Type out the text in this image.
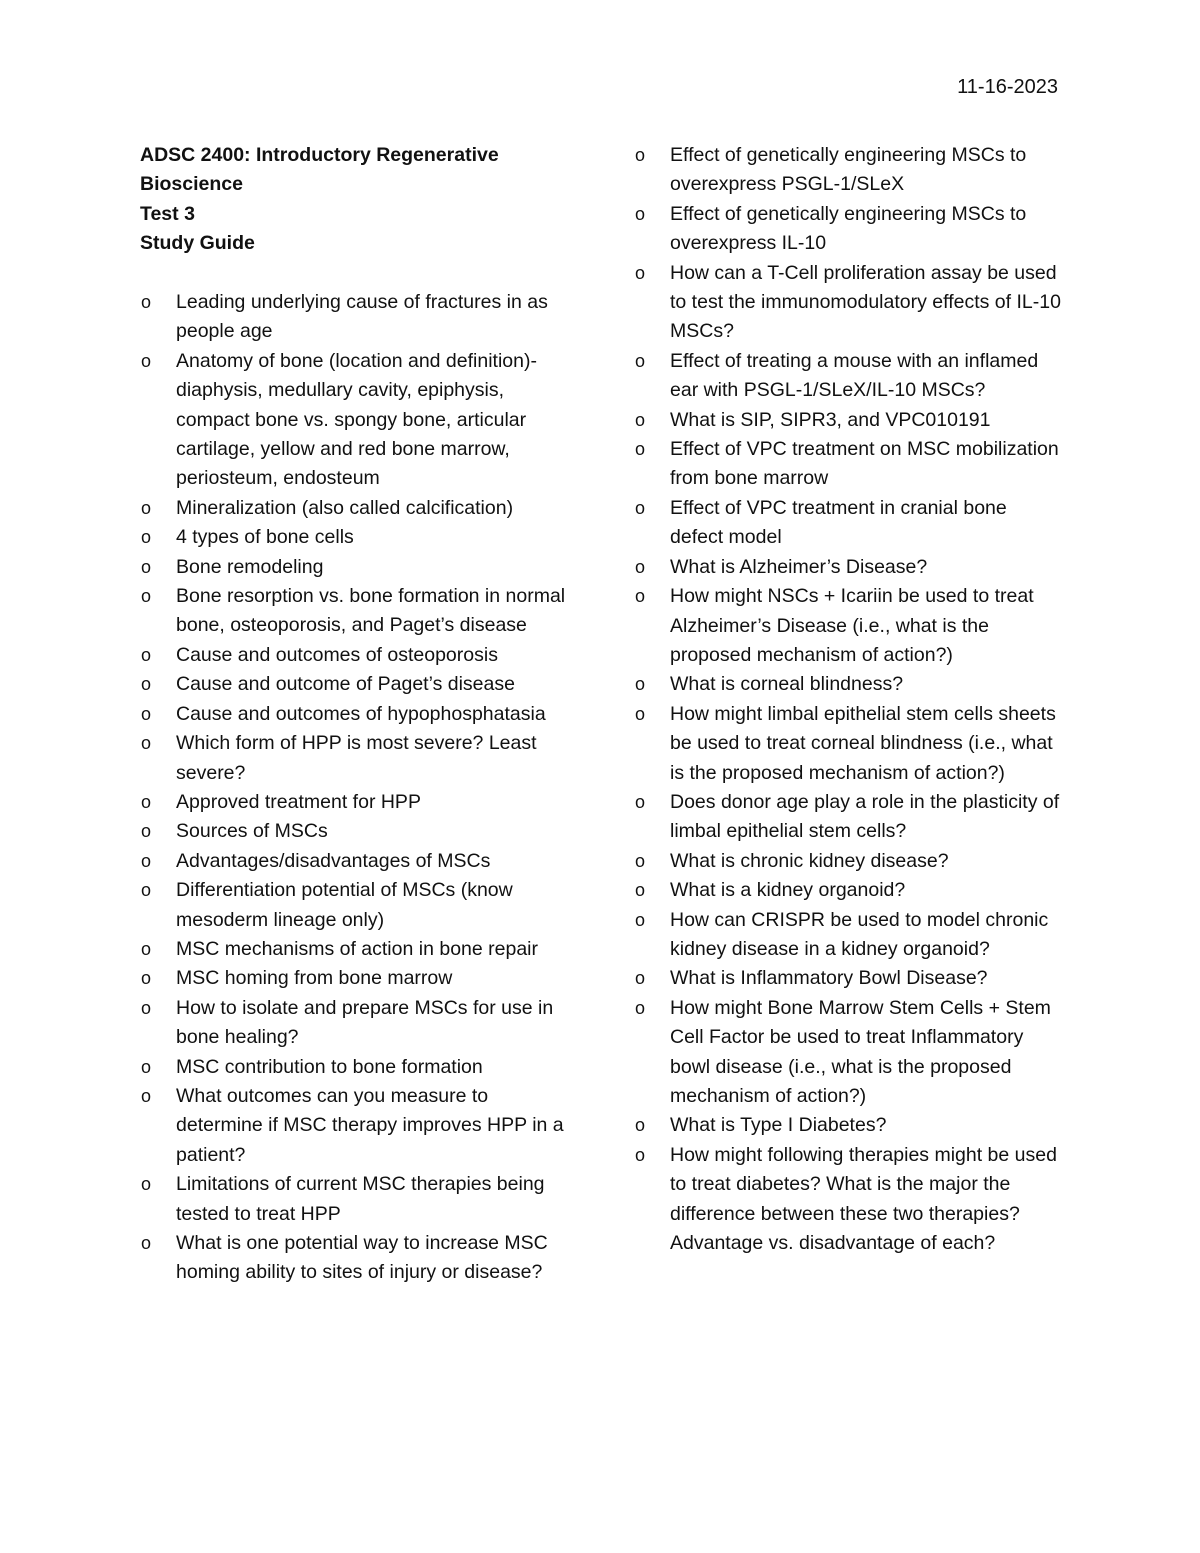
11-16-2023
ADSC 2400: Introductory Regenerative
Bioscience
Test 3
Study Guide
o Leading underlying cause of fractures in as people age
o Anatomy of bone (location and definition)- diaphysis, medullary cavity, epiphysis, compact bone vs. spongy bone, articular cartilage, yellow and red bone marrow, periosteum, endosteum
o Mineralization (also called calcification)
o 4 types of bone cells
o Bone remodeling
o Bone resorption vs. bone formation in normal bone, osteoporosis, and Paget’s disease
o Cause and outcomes of osteoporosis
o Cause and outcome of Paget’s disease
o Cause and outcomes of hypophosphatasia
o Which form of HPP is most severe? Least severe?
o Approved treatment for HPP
o Sources of MSCs
o Advantages/disadvantages of MSCs
o Differentiation potential of MSCs (know mesoderm lineage only)
o MSC mechanisms of action in bone repair
o MSC homing from bone marrow
o How to isolate and prepare MSCs for use in bone healing?
o MSC contribution to bone formation
o What outcomes can you measure to determine if MSC therapy improves HPP in a patient?
o Limitations of current MSC therapies being tested to treat HPP
o What is one potential way to increase MSC homing ability to sites of injury or disease?
o Effect of genetically engineering MSCs to overexpress PSGL-1/SLeX
o Effect of genetically engineering MSCs to overexpress IL-10
o How can a T-Cell proliferation assay be used to test the immunomodulatory effects of IL-10 MSCs?
o Effect of treating a mouse with an inflamed ear with PSGL-1/SLeX/IL-10 MSCs?
o What is SIP, SIPR3, and VPC010191
o Effect of VPC treatment on MSC mobilization from bone marrow
o Effect of VPC treatment in cranial bone defect model
o What is Alzheimer’s Disease?
o How might NSCs + Icariin be used to treat Alzheimer’s Disease (i.e., what is the proposed mechanism of action?)
o What is corneal blindness?
o How might limbal epithelial stem cells sheets be used to treat corneal blindness (i.e., what is the proposed mechanism of action?)
o Does donor age play a role in the plasticity of limbal epithelial stem cells?
o What is chronic kidney disease?
o What is a kidney organoid?
o How can CRISPR be used to model chronic kidney disease in a kidney organoid?
o What is Inflammatory Bowl Disease?
o How might Bone Marrow Stem Cells + Stem Cell Factor be used to treat Inflammatory bowl disease (i.e., what is the proposed mechanism of action?)
o What is Type I Diabetes?
o How might following therapies might be used to treat diabetes? What is the major the difference between these two therapies? Advantage vs. disadvantage of each?
